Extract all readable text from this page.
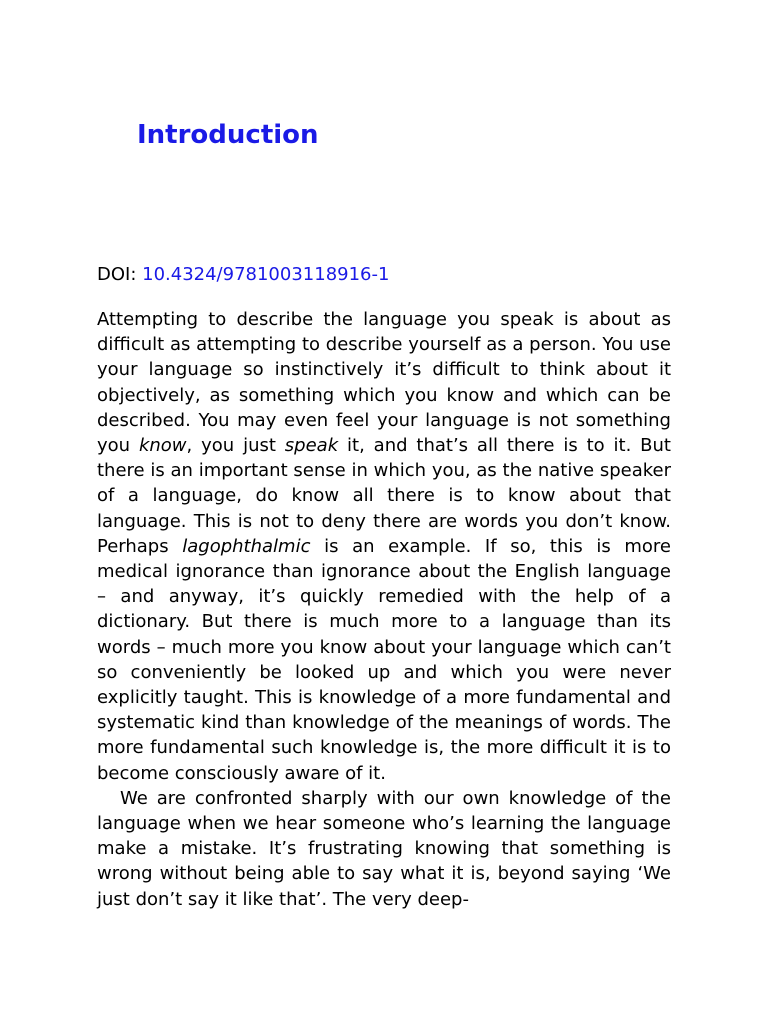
Introduction

DOI: 10.4324/9781003118916-1

Attempting to describe the language you speak is about as difficult as attempting to describe yourself as a person. You use your language so instinctively it’s difficult to think about it objectively, as something which you know and which can be described. You may even feel your language is not something you know, you just speak it, and that’s all there is to it. But there is an important sense in which you, as the native speaker of a language, do know all there is to know about that language. This is not to deny there are words you don’t know. Perhaps lagophthalmic is an example. If so, this is more medical ignorance than ignorance about the English language – and anyway, it’s quickly remedied with the help of a dictionary. But there is much more to a language than its words – much more you know about your language which can’t so conveniently be looked up and which you were never explicitly taught. This is knowledge of a more fundamental and systematic kind than knowledge of the meanings of words. The more fundamental such knowledge is, the more difficult it is to become consciously aware of it.

We are confronted sharply with our own knowledge of the language when we hear someone who’s learning the language make a mistake. It’s frustrating knowing that something is wrong without being able to say what it is, beyond saying ‘We just don’t say it like that’. The very deep-
